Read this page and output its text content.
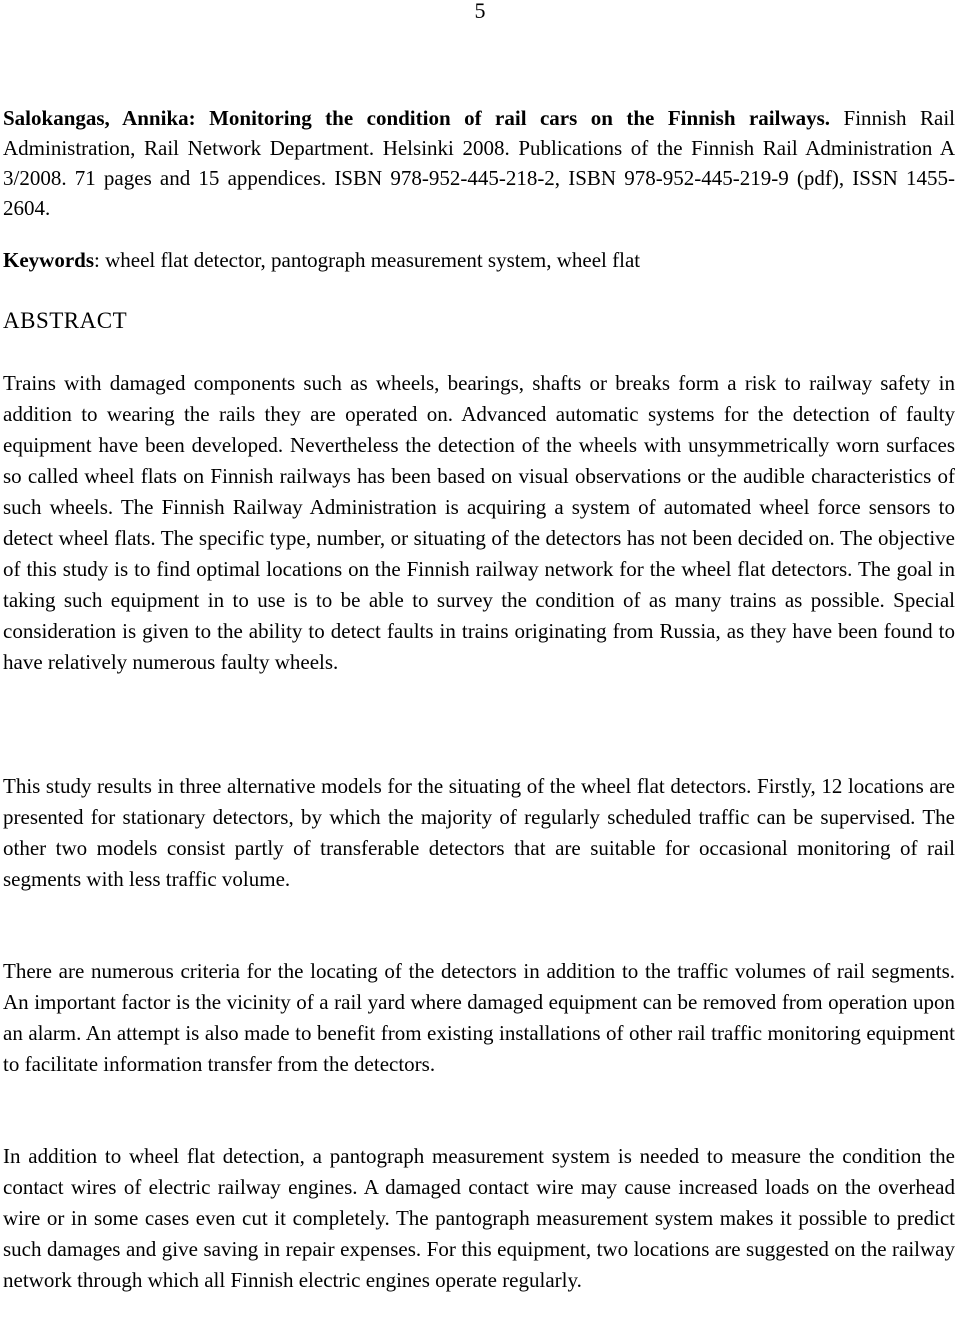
5

Salokangas, Annika: Monitoring the condition of rail cars on the Finnish railways. Finnish Rail Administration, Rail Network Department. Helsinki 2008. Publications of the Finnish Rail Administration A 3/2008. 71 pages and 15 appendices. ISBN 978-952-445-218-2, ISBN 978-952-445-219-9 (pdf), ISSN 1455-2604.

Keywords: wheel flat detector, pantograph measurement system, wheel flat

ABSTRACT

Trains with damaged components such as wheels, bearings, shafts or breaks form a risk to railway safety in addition to wearing the rails they are operated on. Advanced automatic systems for the detection of faulty equipment have been developed. Nevertheless the detection of the wheels with unsymmetrically worn surfaces so called wheel flats on Finnish railways has been based on visual observations or the audible characteristics of such wheels. The Finnish Railway Administration is acquiring a system of automated wheel force sensors to detect wheel flats. The specific type, number, or situating of the detectors has not been decided on. The objective of this study is to find optimal locations on the Finnish railway network for the wheel flat detectors. The goal in taking such equipment in to use is to be able to survey the condition of as many trains as possible. Special consideration is given to the ability to detect faults in trains originating from Russia, as they have been found to have relatively numerous faulty wheels.

This study results in three alternative models for the situating of the wheel flat detectors. Firstly, 12 locations are presented for stationary detectors, by which the majority of regularly scheduled traffic can be supervised. The other two models consist partly of transferable detectors that are suitable for occasional monitoring of rail segments with less traffic volume.

There are numerous criteria for the locating of the detectors in addition to the traffic volumes of rail segments. An important factor is the vicinity of a rail yard where damaged equipment can be removed from operation upon an alarm. An attempt is also made to benefit from existing installations of other rail traffic monitoring equipment to facilitate information transfer from the detectors.

In addition to wheel flat detection, a pantograph measurement system is needed to measure the condition the contact wires of electric railway engines. A damaged contact wire may cause increased loads on the overhead wire or in some cases even cut it completely. The pantograph measurement system makes it possible to predict such damages and give saving in repair expenses. For this equipment, two locations are suggested on the railway network through which all Finnish electric engines operate regularly.
